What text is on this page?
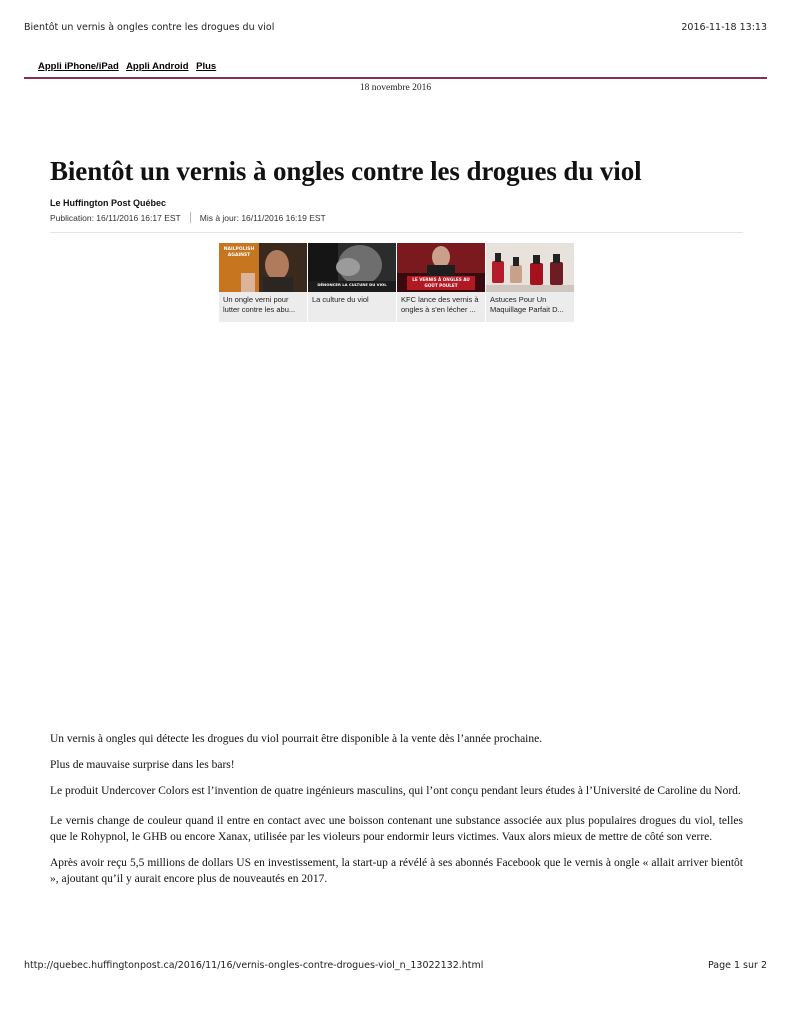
Bientôt un vernis à ongles contre les drogues du viol	2016-11-18 13:13
Appli iPhone/iPad Appli Android Plus
18 novembre 2016
Bientôt un vernis à ongles contre les drogues du viol
Le Huffington Post Québec
Publication: 16/11/2016 16:17 EST Mis à jour: 16/11/2016 16:19 EST
NAILPOLISH AGAINST
Un ongle verni pour lutter contre les abu...
DÉNONCER LA CULTURE DU VIOL
La culture du viol
LE VERNIS À ONGLES AU GOÛT POULET
KFC lance des vernis à ongles à s'en lécher ...
Astuces Pour Un Maquillage Parfait D...

Un vernis à ongles qui détecte les drogues du viol pourrait être disponible à la vente dès l’année prochaine.

Plus de mauvaise surprise dans les bars!

Le produit Undercover Colors est l’invention de quatre ingénieurs masculins, qui l’ont conçu pendant leurs études à l’Université de Caroline du Nord.

Le vernis change de couleur quand il entre en contact avec une boisson contenant une substance associée aux plus populaires drogues du viol, telles que le Rohypnol, le GHB ou encore Xanax, utilisée par les violeurs pour endormir leurs victimes. Vaux alors mieux de mettre de côté son verre.

Après avoir reçu 5,5 millions de dollars US en investissement, la start-up a révélé à ses abonnés Facebook que le vernis à ongle « allait arriver bientôt », ajoutant qu’il y aurait encore plus de nouveautés en 2017.

http://quebec.huffingtonpost.ca/2016/11/16/vernis-ongles-contre-drogues-viol_n_13022132.html	Page 1 sur 2
